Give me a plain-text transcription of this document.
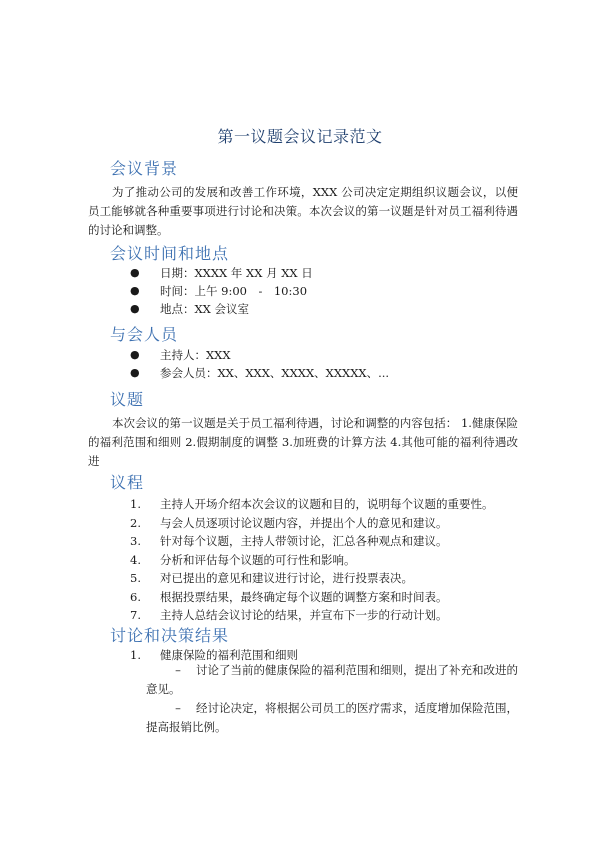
第一议题会议记录范文
会议背景
为了推动公司的发展和改善工作环境，XXX 公司决定定期组织议题会议，以便员工能够就各种重要事项进行讨论和决策。本次会议的第一议题是针对员工福利待遇的讨论和调整。
会议时间和地点
● 日期：XXXX 年 XX 月 XX 日
● 时间：上午 9:00　-　10:30
● 地点：XX 会议室
与会人员
● 主持人：XXX
● 参会人员：XX、XXX、XXXX、XXXXX、...
议题
本次会议的第一议题是关于员工福利待遇，讨论和调整的内容包括： 1.健康保险的福利范围和细则 2.假期制度的调整 3.加班费的计算方法 4.其他可能的福利待遇改进
议程
1.	主持人开场介绍本次会议的议题和目的，说明每个议题的重要性。
2.	与会人员逐项讨论议题内容，并提出个人的意见和建议。
3.	针对每个议题，主持人带领讨论，汇总各种观点和建议。
4.	分析和评估每个议题的可行性和影响。
5.	对已提出的意见和建议进行讨论，进行投票表决。
6.	根据投票结果，最终确定每个议题的调整方案和时间表。
7.	主持人总结会议讨论的结果，并宣布下一步的行动计划。
讨论和决策结果
1.	健康保险的福利范围和细则
– 讨论了当前的健康保险的福利范围和细则，提出了补充和改进的意见。
– 经讨论决定，将根据公司员工的医疗需求，适度增加保险范围，提高报销比例。
